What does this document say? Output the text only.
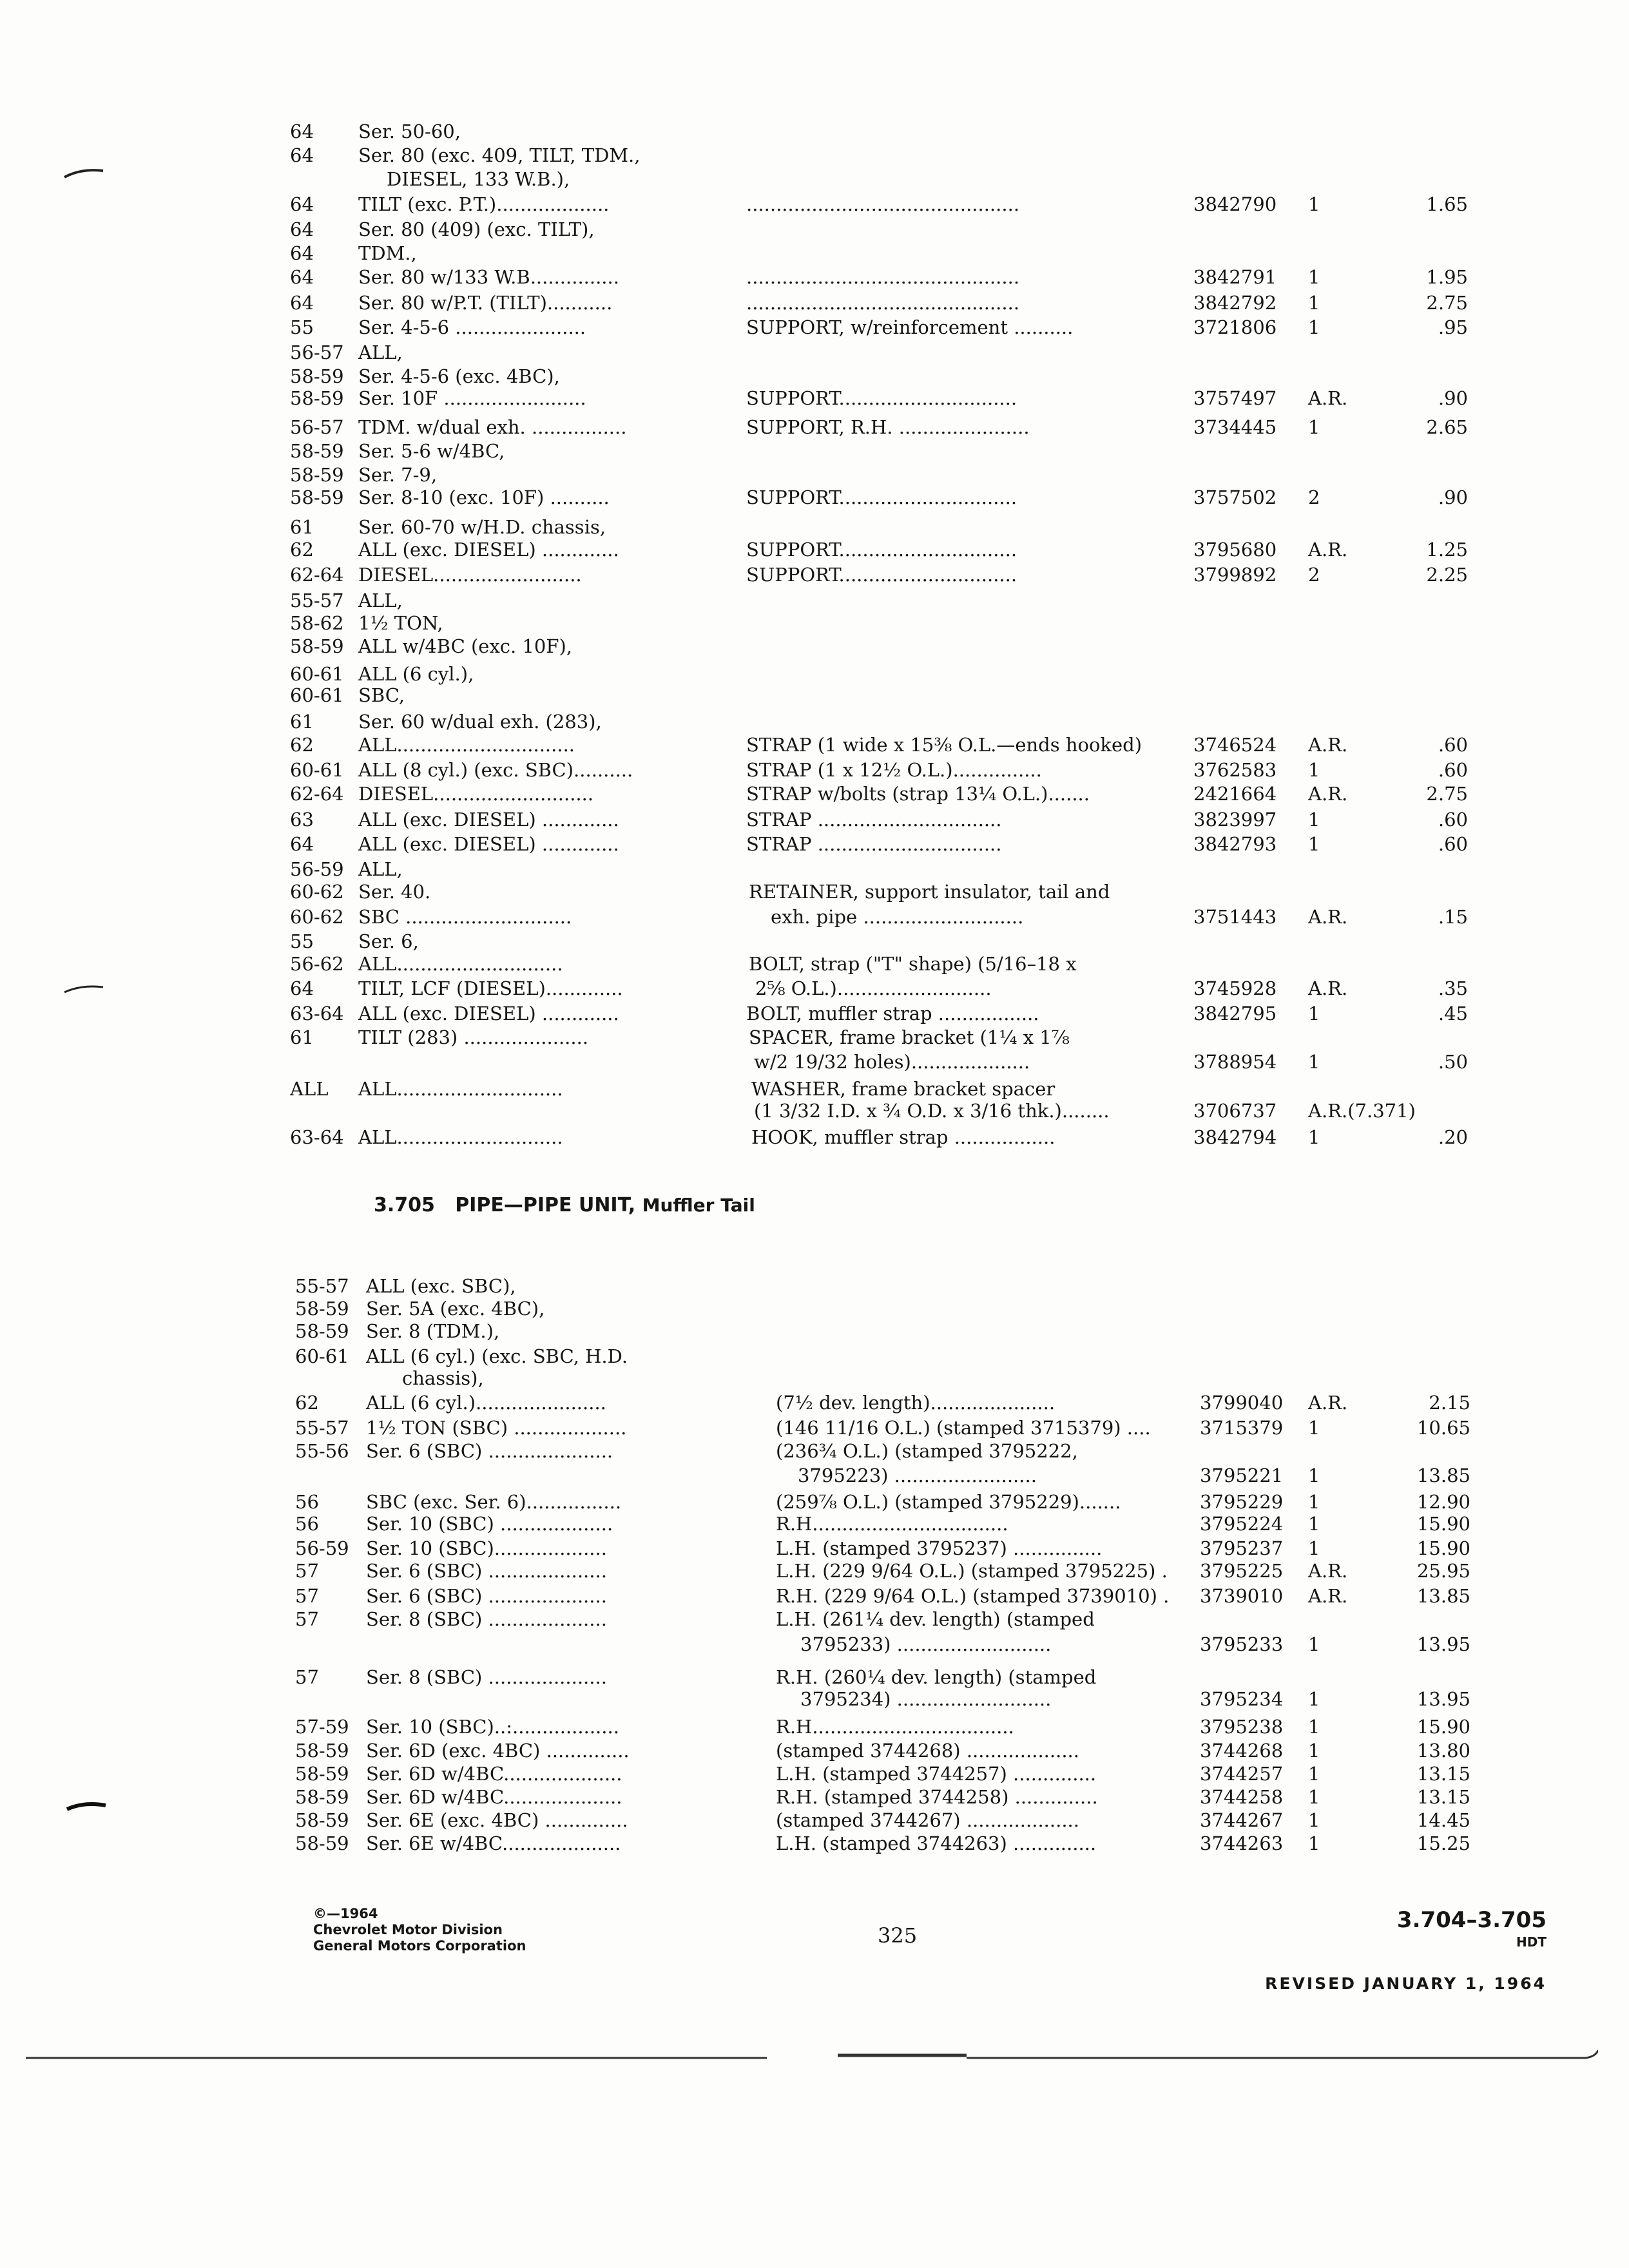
64 Ser. 50-60,
64 Ser. 80 (exc. 409, TILT, TDM.,
DIESEL, 133 W.B.),
64 TILT (exc. P.T.)...................	..............................................	3842790 1	1.65
64 Ser. 80 (409) (exc. TILT),
64 TDM.,
64 Ser. 80 w/133 W.B...............	..............................................	3842791 1	1.95
64 Ser. 80 w/P.T. (TILT)...........	..............................................	3842792 1	2.75
55 Ser. 4-5-6 ......................	SUPPORT, w/reinforcement ..........	3721806 1	.95
56-57 ALL,
58-59 Ser. 4-5-6 (exc. 4BC),
58-59 Ser. 10F ........................	SUPPORT..............................	3757497 A.R.	.90
56-57 TDM. w/dual exh. ................	SUPPORT, R.H. ......................	3734445 1	2.65
58-59 Ser. 5-6 w/4BC,
58-59 Ser. 7-9,
58-59 Ser. 8-10 (exc. 10F) ..........	SUPPORT..............................	3757502 2	.90
61 Ser. 60-70 w/H.D. chassis,
62 ALL (exc. DIESEL) .............	SUPPORT..............................	3795680 A.R.	1.25
62-64 DIESEL.........................	SUPPORT..............................	3799892 2	2.25
55-57 ALL,
58-62 1½ TON,
58-59 ALL w/4BC (exc. 10F),
60-61 ALL (6 cyl.),
60-61 SBC,
61 Ser. 60 w/dual exh. (283),
62 ALL..............................	STRAP (1 wide x 15⅜ O.L.—ends hooked)	3746524 A.R.	.60
60-61 ALL (8 cyl.) (exc. SBC)..........	STRAP (1 x 12½ O.L.)...............	3762583 1	.60
62-64 DIESEL...........................	STRAP w/bolts (strap 13¼ O.L.).......	2421664 A.R.	2.75
63 ALL (exc. DIESEL) .............	STRAP ...............................	3823997 1	.60
64 ALL (exc. DIESEL) .............	STRAP ...............................	3842793 1	.60
56-59 ALL,
60-62 Ser. 40.	RETAINER, support insulator, tail and
60-62 SBC ............................	exh. pipe ...........................	3751443 A.R.	.15
55 Ser. 6,
56-62 ALL............................	BOLT, strap ("T" shape) (5/16–18 x
64 TILT, LCF (DIESEL).............	2⅝ O.L.)..........................	3745928 A.R.	.35
63-64 ALL (exc. DIESEL) .............	BOLT, muffler strap .................	3842795 1	.45
61 TILT (283) .....................	SPACER, frame bracket (1¼ x 1⅞
w/2 19/32 holes)....................	3788954 1	.50
ALL ALL............................	WASHER, frame bracket spacer
(1 3/32 I.D. x ¾ O.D. x 3/16 thk.)........	3706737 A.R.(7.371)
63-64 ALL............................	HOOK, muffler strap .................	3842794 1	.20
3.705 PIPE—PIPE UNIT, Muffler Tail
55-57 ALL (exc. SBC),
58-59 Ser. 5A (exc. 4BC),
58-59 Ser. 8 (TDM.),
60-61 ALL (6 cyl.) (exc. SBC, H.D.
chassis),
62	ALL (6 cyl.)......................	(7½ dev. length).....................	3799040 A.R.	2.15
55-57 1½ TON (SBC) ...................	(146 11/16 O.L.) (stamped 3715379) ....	3715379 1	10.65
55-56 Ser. 6 (SBC) .....................	(236¾ O.L.) (stamped 3795222,
3795223) ........................	3795221 1	13.85
56	SBC (exc. Ser. 6)................	(259⅞ O.L.) (stamped 3795229).......	3795229 1	12.90
56	Ser. 10 (SBC) ...................	R.H.................................	3795224 1	15.90
56-59 Ser. 10 (SBC)...................	L.H. (stamped 3795237) ...............	3795237 1	15.90
57	Ser. 6 (SBC) ....................	L.H. (229 9/64 O.L.) (stamped 3795225) . 3795225 A.R.	25.95
57	Ser. 6 (SBC) ....................	R.H. (229 9/64 O.L.) (stamped 3739010) . 3739010 A.R.	13.85
57	Ser. 8 (SBC) ....................	L.H. (261¼ dev. length) (stamped
3795233) ..........................	3795233 1	13.95
57	Ser. 8 (SBC) ....................	R.H. (260¼ dev. length) (stamped
3795234) ..........................	3795234 1	13.95
57-59 Ser. 10 (SBC)..:..................	R.H..................................	3795238 1	15.90
58-59 Ser. 6D (exc. 4BC) ..............	(stamped 3744268) ...................	3744268 1	13.80
58-59 Ser. 6D w/4BC....................	L.H. (stamped 3744257) ..............	3744257 1	13.15
58-59 Ser. 6D w/4BC....................	R.H. (stamped 3744258) ..............	3744258 1	13.15
58-59 Ser. 6E (exc. 4BC) ..............	(stamped 3744267) ...................	3744267 1	14.45
58-59 Ser. 6E w/4BC....................	L.H. (stamped 3744263) ..............	3744263 1	15.25
©—1964
Chevrolet Motor Division
General Motors Corporation	325
3.704–3.705
HDT
REVISED JANUARY 1, 1964
